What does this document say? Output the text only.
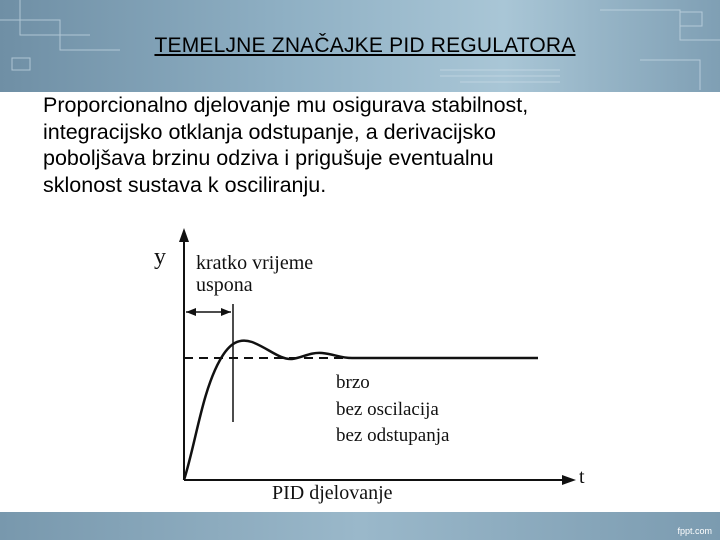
TEMELJNE ZNAČAJKE PID REGULATORA
Proporcionalno djelovanje mu osigurava stabilnost,
integracijsko otklanja odstupanje, a derivacijsko
poboljšava brzinu odziva i prigušuje eventualnu
sklonost sustava k osciliranju.
y kratko vrijeme
uspona
brzo
bez oscilacija
bez odstupanja
PID djelovanje
t
fppt.com
